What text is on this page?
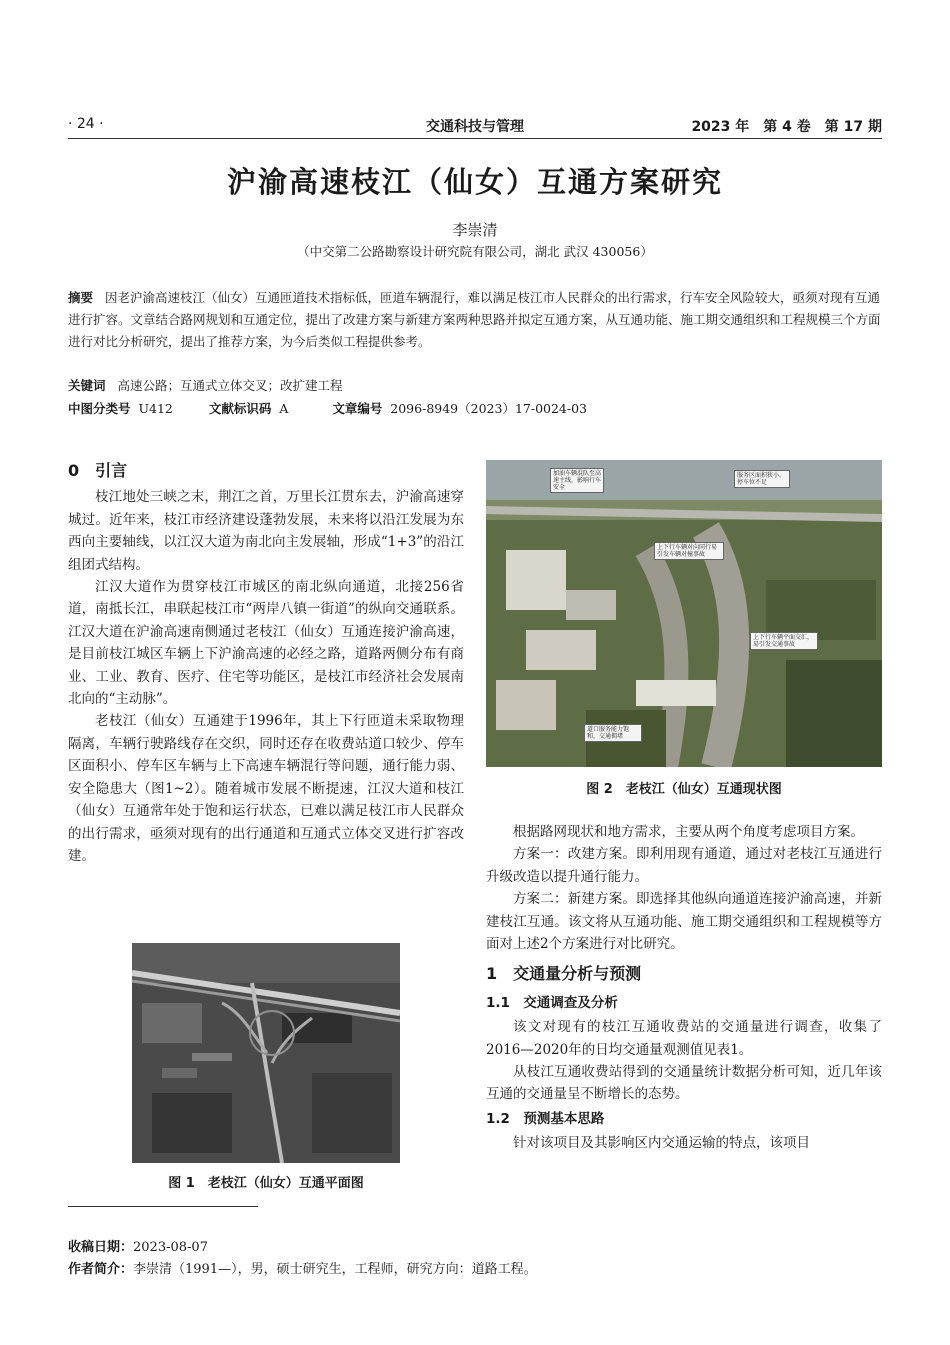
· 24 ·	交通科技与管理	2023 年　第 4 卷　第 17 期
沪渝高速枝江（仙女）互通方案研究
李崇清
（中交第二公路勘察设计研究院有限公司，湖北 武汉 430056）
摘要 因老沪渝高速枝江（仙女）互通匝道技术指标低，匝道车辆混行，难以满足枝江市人民群众的出行需求，行车安全风险较大，亟须对现有互通进行扩容。文章结合路网规划和互通定位，提出了改建方案与新建方案两种思路并拟定互通方案，从互通功能、施工期交通组织和工程规模三个方面进行对比分析研究，提出了推荐方案，为今后类似工程提供参考。
关键词 高速公路；互通式立体交叉；改扩建工程
中图分类号 U412	文献标识码 A	文章编号 2096-8949（2023）17-0024-03
0　引言

枝江地处三峡之末，荆江之首，万里长江贯东去，沪渝高速穿城过。近年来，枝江市经济建设蓬勃发展，未来将以沿江发展为东西向主要轴线，以江汉大道为南北向主发展轴，形成“1+3”的沿江组团式结构。

江汉大道作为贯穿枝江市城区的南北纵向通道，北接256省道，南抵长江，串联起枝江市“两岸八镇一街道”的纵向交通联系。江汉大道在沪渝高速南侧通过老枝江（仙女）互通连接沪渝高速，是目前枝江城区车辆上下沪渝高速的必经之路，道路两侧分布有商业、工业、教育、医疗、住宅等功能区，是枝江市经济社会发展南北向的“主动脉”。

老枝江（仙女）互通建于1996年，其上下行匝道未采取物理隔离，车辆行驶路线存在交织，同时还存在收费站道口较少、停车区面积小、停车区车辆与上下高速车辆混行等问题，通行能力弱、安全隐患大（图1~2）。随着城市发展不断提速，江汉大道和枝江（仙女）互通常年处于饱和运行状态，已难以满足枝江市人民群众的出行需求，亟须对现有的出行通道和互通式立体交叉进行扩容改建。

图 1　老枝江（仙女）互通平面图
加油车辆混队至高速主线，影响行车安全
服务区面积狭小，停车位不足
上下行车辆对向同行易引发车辆对撞事故
上下行车辆平面交汇，易引发交通事故
道口服务能力饱和，交通拥堵
图 2　老枝江（仙女）互通现状图

根据路网现状和地方需求，主要从两个角度考虑项目方案。

方案一：改建方案。即利用现有通道，通过对老枝江互通进行升级改造以提升通行能力。

方案二：新建方案。即选择其他纵向通道连接沪渝高速，并新建枝江互通。该文将从互通功能、施工期交通组织和工程规模等方面对上述2个方案进行对比研究。

1　交通量分析与预测
1.1　交通调查及分析

该文对现有的枝江互通收费站的交通量进行调查，收集了2016—2020年的日均交通量观测值见表1。

从枝江互通收费站得到的交通量统计数据分析可知，近几年该互通的交通量呈不断增长的态势。

1.2　预测基本思路

针对该项目及其影响区内交通运输的特点，该项目

收稿日期：2023-08-07
作者简介：李崇清（1991—），男，硕士研究生，工程师，研究方向：道路工程。
